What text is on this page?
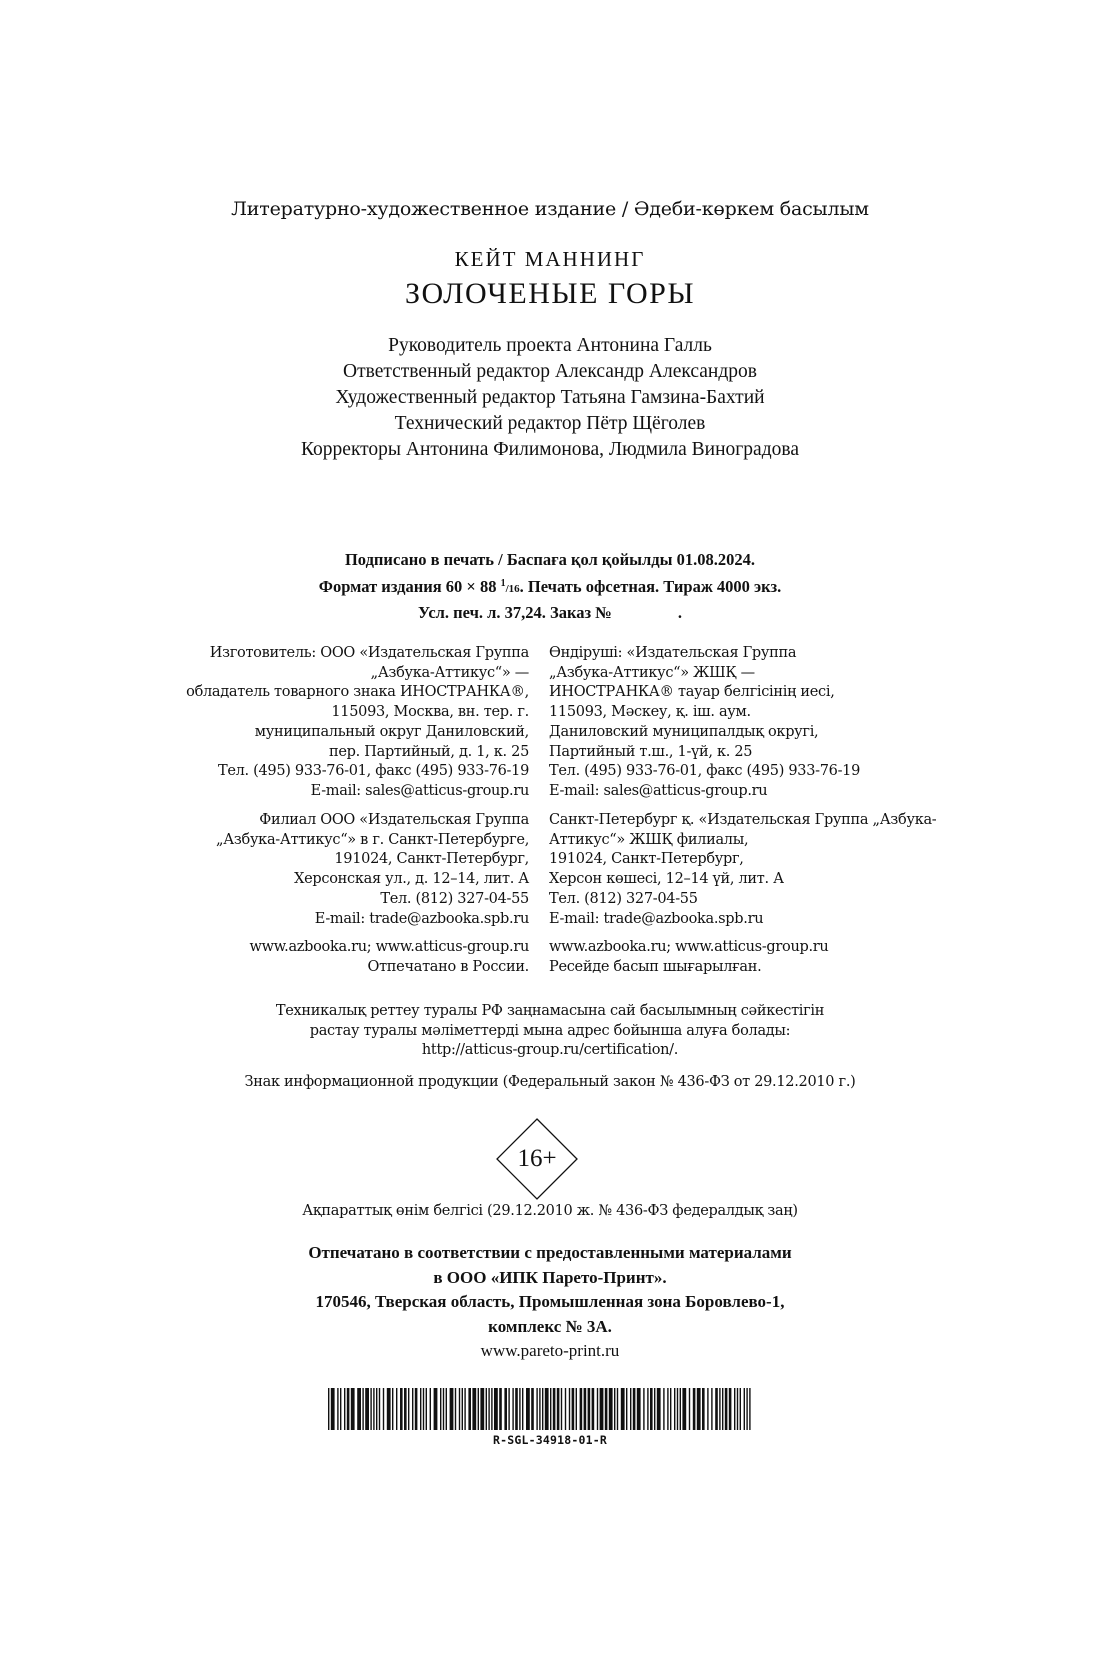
Литературно-художественное издание / Әдеби-көркем басылым
КЕЙТ МАННИНГ
ЗОЛОЧЕНЫЕ ГОРЫ
Руководитель проекта Антонина Галль
Ответственный редактор Александр Александров
Художественный редактор Татьяна Гамзина-Бахтий
Технический редактор Пётр Щёголев
Корректоры Антонина Филимонова, Людмила Виноградова
Подписано в печать / Баспаға қол қойылды 01.08.2024.
Формат издания 60 × 88 $^1$/16. Печать офсетная. Тираж 4000 экз.
Усл. печ. л. 37,24. Заказ №                .
Изготовитель: ООО «Издательская Группа
„Азбука-Аттикус“» —
обладатель товарного знака ИНОСТРАНКА®,
115093, Москва, вн. тер. г.
муниципальный округ Даниловский,
пер. Партийный, д. 1, к. 25
Тел. (495) 933-76-01, факс (495) 933-76-19
E-mail: sales@atticus-group.ru
Өндіруші: «Издательская Группа
„Азбука-Аттикус“» ЖШҚ —
ИНОСТРАНКА® тауар белгісінің иесі,
115093, Мәскеу, қ. іш. аум.
Даниловский муниципалдық округі,
Партийный т.ш., 1-үй, к. 25
Тел. (495) 933-76-01, факс (495) 933-76-19
E-mail: sales@atticus-group.ru
Филиал ООО «Издательская Группа
„Азбука-Аттикус“» в г. Санкт-Петербурге,
191024, Санкт-Петербург,
Херсонская ул., д. 12–14, лит. А
Тел. (812) 327-04-55
E-mail: trade@azbooka.spb.ru
Санкт-Петербург қ. «Издательская Группа „Азбука-
Аттикус“» ЖШҚ филиалы,
191024, Санкт-Петербург,
Херсон көшесі, 12–14 үй, лит. А
Тел. (812) 327-04-55
E-mail: trade@azbooka.spb.ru
www.azbooka.ru; www.atticus-group.ru
Отпечатано в России.
www.azbooka.ru; www.atticus-group.ru
Ресейде басып шығарылған.
Техникалық реттеу туралы РФ заңнамасына сай басылымның сәйкестігін
растау туралы мәліметтерді мына адрес бойынша алуға болады:
http://atticus-group.ru/certification/.
Знак информационной продукции (Федеральный закон № 436-ФЗ от 29.12.2010 г.)
16+
Ақпараттық өнім белгісі (29.12.2010 ж. № 436-ФЗ федералдық заң)
Отпечатано в соответствии с предоставленными материалами
в ООО «ИПК Парето-Принт».
170546, Тверская область, Промышленная зона Боровлево-1,
комплекс № 3А.
www.pareto-print.ru
R-SGL-34918-01-R
